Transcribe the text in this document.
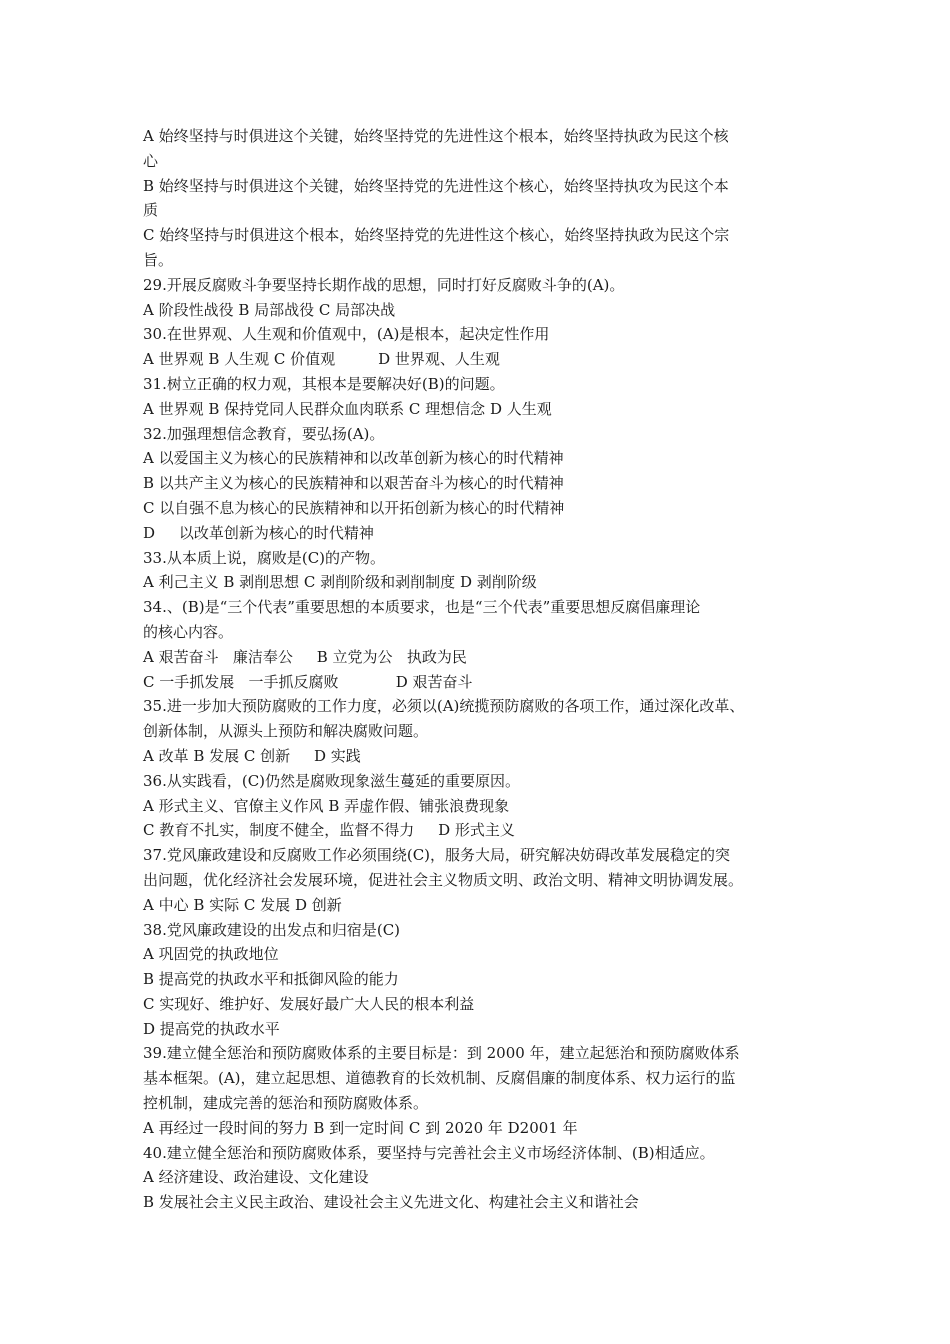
A 始终坚持与时俱进这个关键，始终坚持党的先进性这个根本，始终坚持执政为民这个核

心

B 始终坚持与时俱进这个关键，始终坚持党的先进性这个核心，始终坚持执攻为民这个本

质

C 始终坚持与时俱进这个根本，始终坚持党的先进性这个核心，始终坚持执政为民这个宗

旨。

29.开展反腐败斗争要坚持长期作战的思想，同时打好反腐败斗争的(A)。

A 阶段性战役 B 局部战役 C 局部决战

30.在世界观、人生观和价值观中，(A)是根本，起决定性作用

A 世界观 B 人生观 C 价值观         D 世界观、人生观

31.树立正确的权力观，其根本是要解决好(B)的问题。

A 世界观 B 保持党同人民群众血肉联系 C 理想信念 D 人生观

32.加强理想信念教育，要弘扬(A)。

A 以爱国主义为核心的民族精神和以改革创新为核心的时代精神

B 以共产主义为核心的民族精神和以艰苦奋斗为核心的时代精神

C 以自强不息为核心的民族精神和以开拓创新为核心的时代精神

D     以改革创新为核心的时代精神

33.从本质上说，腐败是(C)的产物。

A 利己主义 B 剥削思想 C 剥削阶级和剥削制度 D 剥削阶级

34.、(B)是“三个代表”重要思想的本质要求，也是“三个代表”重要思想反腐倡廉理论

的核心内容。

A 艰苦奋斗   廉洁奉公     B 立党为公   执政为民

C 一手抓发展   一手抓反腐败            D 艰苦奋斗

35.进一步加大预防腐败的工作力度，必须以(A)统揽预防腐败的各项工作，通过深化改革、

创新体制，从源头上预防和解决腐败问题。

A 改革 B 发展 C 创新     D 实践

36.从实践看，(C)仍然是腐败现象滋生蔓延的重要原因。

A 形式主义、官僚主义作风 B 弄虚作假、铺张浪费现象

C 教育不扎实，制度不健全，监督不得力     D 形式主义

37.党风廉政建设和反腐败工作必须围绕(C)，服务大局，研究解决妨碍改革发展稳定的突

出问题，优化经济社会发展环境，促进社会主义物质文明、政治文明、精神文明协调发展。

A 中心 B 实际 C 发展 D 创新

38.党风廉政建设的出发点和归宿是(C)

A 巩固党的执政地位

B 提高党的执政水平和抵御风险的能力

C 实现好、维护好、发展好最广大人民的根本利益

D 提高党的执政水平

39.建立健全惩治和预防腐败体系的主要目标是：到 2000 年，建立起惩治和预防腐败体系

基本框架。(A)，建立起思想、道德教育的长效机制、反腐倡廉的制度体系、权力运行的监

控机制，建成完善的惩治和预防腐败体系。

A 再经过一段时间的努力 B 到一定时间 C 到 2020 年 D2001 年

40.建立健全惩治和预防腐败体系，要坚持与完善社会主义市场经济体制、(B)相适应。

A 经济建设、政治建设、文化建设

B 发展社会主义民主政治、建设社会主义先进文化、构建社会主义和谐社会
